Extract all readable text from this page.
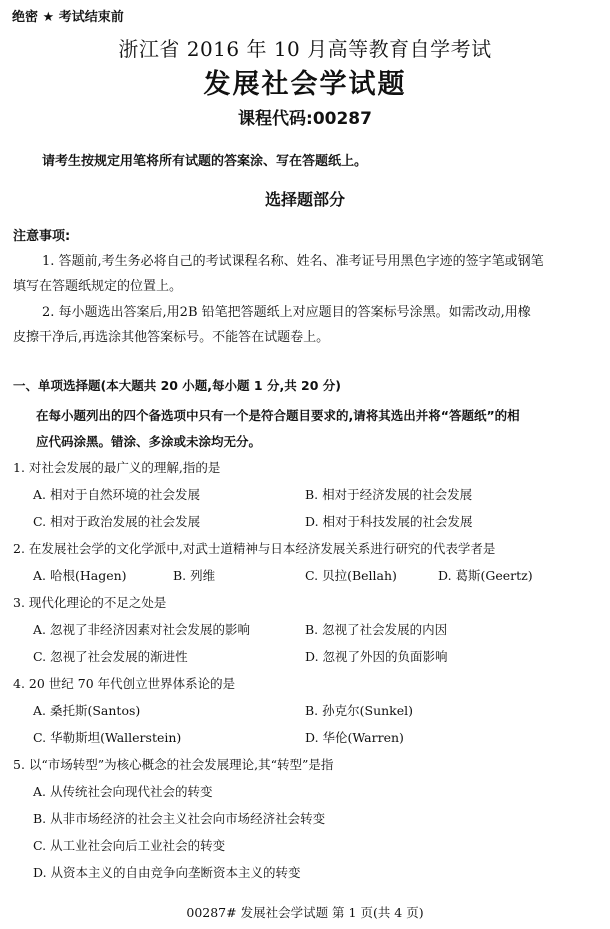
绝密 ★ 考试结束前
浙江省 2016 年 10 月高等教育自学考试
发展社会学试题
课程代码:00287
请考生按规定用笔将所有试题的答案涂、写在答题纸上。
选择题部分
注意事项:
1. 答题前,考生务必将自己的考试课程名称、姓名、准考证号用黑色字迹的签字笔或钢笔
填写在答题纸规定的位置上。
2. 每小题选出答案后,用2B 铅笔把答题纸上对应题目的答案标号涂黑。如需改动,用橡
皮擦干净后,再选涂其他答案标号。不能答在试题卷上。
一、单项选择题(本大题共 20 小题,每小题 1 分,共 20 分)
在每小题列出的四个备选项中只有一个是符合题目要求的,请将其选出并将“答题纸”的相
应代码涂黑。错涂、多涂或未涂均无分。
1. 对社会发展的最广义的理解,指的是
A. 相对于自然环境的社会发展	B. 相对于经济发展的社会发展
C. 相对于政治发展的社会发展	D. 相对于科技发展的社会发展
2. 在发展社会学的文化学派中,对武士道精神与日本经济发展关系进行研究的代表学者是
A. 哈根(Hagen)	B. 列维	C. 贝拉(Bellah)	D. 葛斯(Geertz)
3. 现代化理论的不足之处是
A. 忽视了非经济因素对社会发展的影响	B. 忽视了社会发展的内因
C. 忽视了社会发展的渐进性	D. 忽视了外因的负面影响
4. 20 世纪 70 年代创立世界体系论的是
A. 桑托斯(Santos)	B. 孙克尔(Sunkel)
C. 华勒斯坦(Wallerstein)	D. 华伦(Warren)
5. 以“市场转型”为核心概念的社会发展理论,其“转型”是指
A. 从传统社会向现代社会的转变
B. 从非市场经济的社会主义社会向市场经济社会转变
C. 从工业社会向后工业社会的转变
D. 从资本主义的自由竞争向垄断资本主义的转变
00287# 发展社会学试题 第 1 页(共 4 页)
